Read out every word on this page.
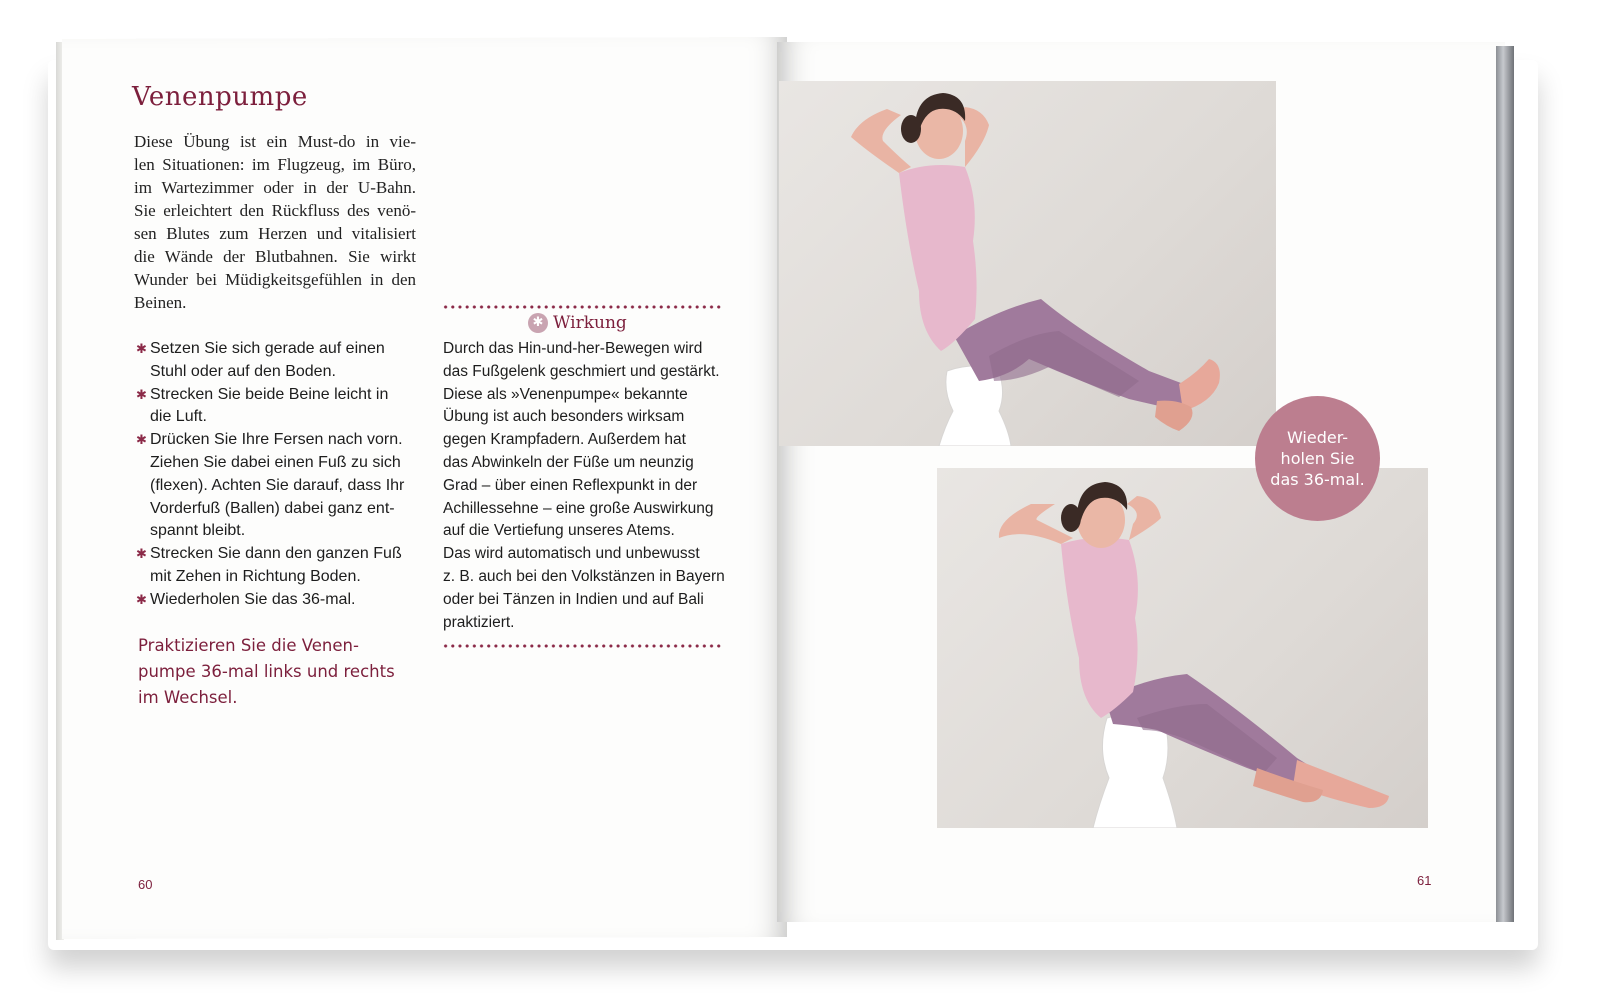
Venenpumpe
Diese Übung ist ein Must-do in vie-
len Situationen: im Flugzeug, im Büro,
im Wartezimmer oder in der U-Bahn.
Sie erleichtert den Rückfluss des venö-
sen Blutes zum Herzen und vitalisiert
die Wände der Blutbahnen. Sie wirkt
Wunder bei Müdigkeitsgefühlen in den
Beinen.
✱ Setzen Sie sich gerade auf einen
Stuhl oder auf den Boden.
✱ Strecken Sie beide Beine leicht in
die Luft.
✱ Drücken Sie Ihre Fersen nach vorn.
Ziehen Sie dabei einen Fuß zu sich
(flexen). Achten Sie darauf, dass Ihr
Vorderfuß (Ballen) dabei ganz ent-
spannt bleibt.
✱ Strecken Sie dann den ganzen Fuß
mit Zehen in Richtung Boden.
✱ Wiederholen Sie das 36-mal.
Praktizieren Sie die Venen-
pumpe 36-mal links und rechts
im Wechsel.
✱ Wirkung
Durch das Hin-und-her-Bewegen wird
das Fußgelenk geschmiert und gestärkt.
Diese als »Venenpumpe« bekannte
Übung ist auch besonders wirksam
gegen Krampfadern. Außerdem hat
das Abwinkeln der Füße um neunzig
Grad – über einen Reflexpunkt in der
Achillessehne – eine große Auswirkung
auf die Vertiefung unseres Atems.
Das wird automatisch und unbewusst
z. B. auch bei den Volkstänzen in Bayern
oder bei Tänzen in Indien und auf Bali
praktiziert.
60
Wieder-
holen Sie
das 36-mal.
61
